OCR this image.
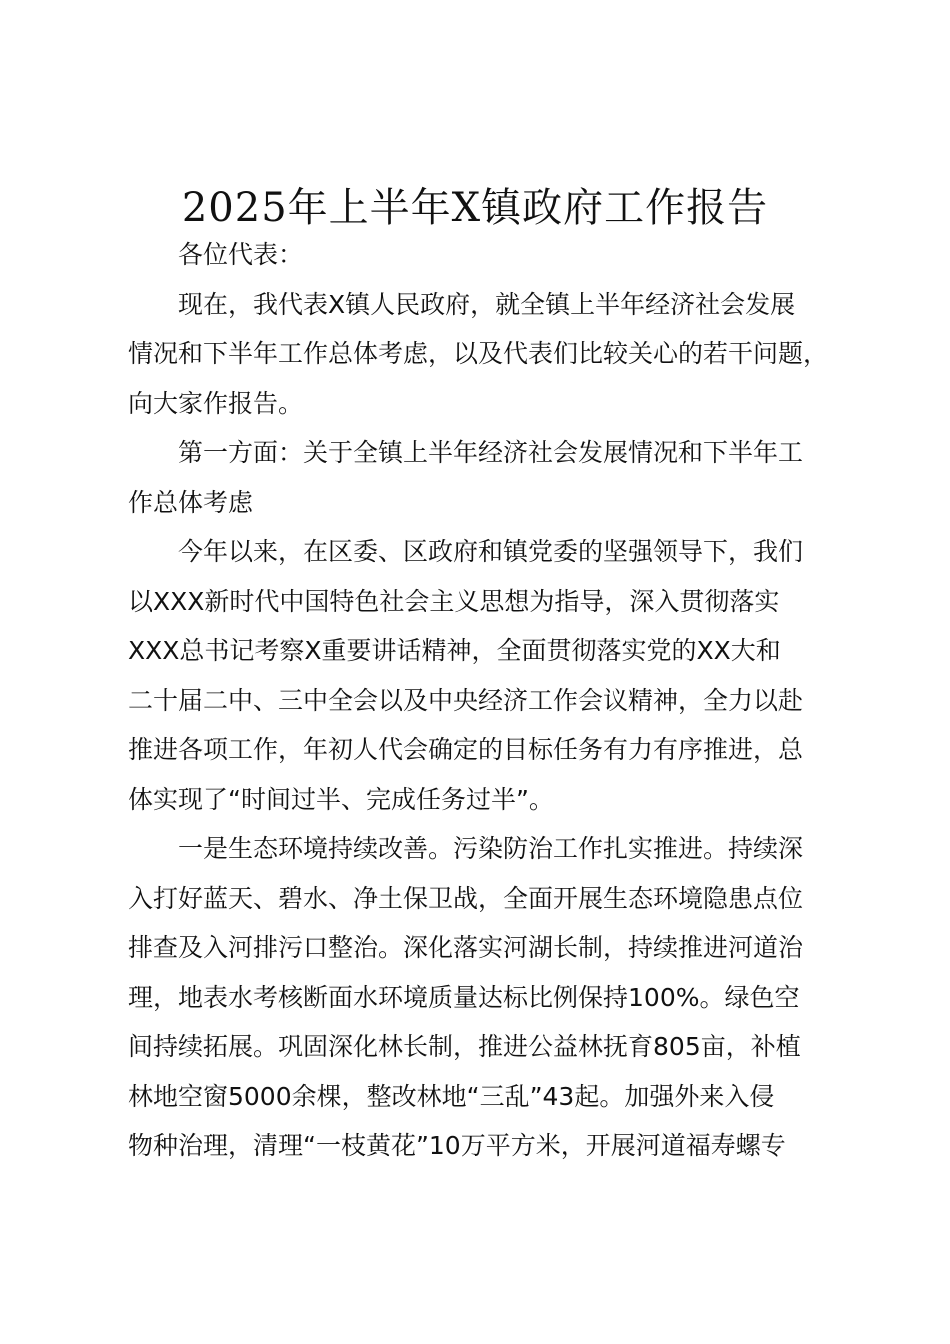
2025年上半年X镇政府工作报告
各位代表：
现在，我代表X镇人民政府，就全镇上半年经济社会发展
情况和下半年工作总体考虑，以及代表们比较关心的若干问题，
向大家作报告。
第一方面：关于全镇上半年经济社会发展情况和下半年工
作总体考虑
今年以来，在区委、区政府和镇党委的坚强领导下，我们
以XXX新时代中国特色社会主义思想为指导，深入贯彻落实
XXX总书记考察X重要讲话精神，全面贯彻落实党的XX大和
二十届二中、三中全会以及中央经济工作会议精神，全力以赴
推进各项工作，年初人代会确定的目标任务有力有序推进，总
体实现了“时间过半、完成任务过半”。
一是生态环境持续改善。污染防治工作扎实推进。持续深
入打好蓝天、碧水、净土保卫战，全面开展生态环境隐患点位
排查及入河排污口整治。深化落实河湖长制，持续推进河道治
理，地表水考核断面水环境质量达标比例保持100%。绿色空
间持续拓展。巩固深化林长制，推进公益林抚育805亩，补植
林地空窗5000余棵，整改林地“三乱”43起。加强外来入侵
物种治理，清理“一枝黄花”10万平方米，开展河道福寿螺专
